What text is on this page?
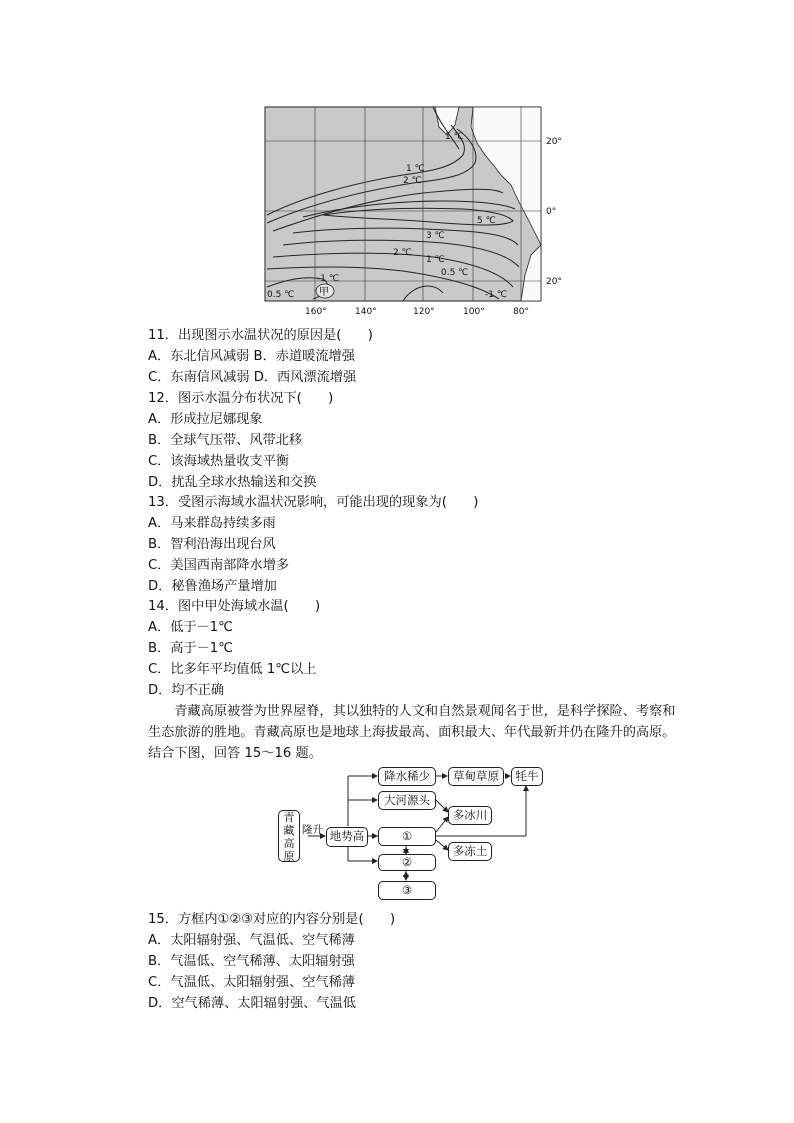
1 ℃
2 ℃
5 ℃
3 ℃
2 ℃
1 ℃
0.5 ℃
-1 ℃
0.5 ℃	-1 ℃
1 ℃
甲
20°
0°
20°
160°	140°	120°	100°	80°
11．出现图示水温状况的原因是(　　)
A．东北信风减弱 B．赤道暖流增强
C．东南信风减弱 D．西风漂流增强
12．图示水温分布状况下(　　)
A．形成拉尼娜现象
B．全球气压带、风带北移
C．该海域热量收支平衡
D．扰乱全球水热输送和交换
13．受图示海域水温状况影响，可能出现的现象为(　　)
A．马来群岛持续多雨
B．智利沿海出现台风
C．美国西南部降水增多
D．秘鲁渔场产量增加
14．图中甲处海域水温(　　)
A．低于－1℃
B．高于－1℃
C．比多年平均值低 1℃以上
D．均不正确
　　青藏高原被誉为世界屋脊，其以独特的人文和自然景观闻名于世，是科学探险、考察和
生态旅游的胜地。青藏高原也是地球上海拔最高、面积最大、年代最新并仍在隆升的高原。
结合下图，回答 15～16 题。
青藏高原
隆升 地势高
降水稀少	草甸草原	牦牛
大河源头
多冰川
①
多冻土
②
③
15．方框内①②③对应的内容分别是(　　)
A．太阳辐射强、气温低、空气稀薄
B．气温低、空气稀薄、太阳辐射强
C．气温低、太阳辐射强、空气稀薄
D．空气稀薄、太阳辐射强、气温低
